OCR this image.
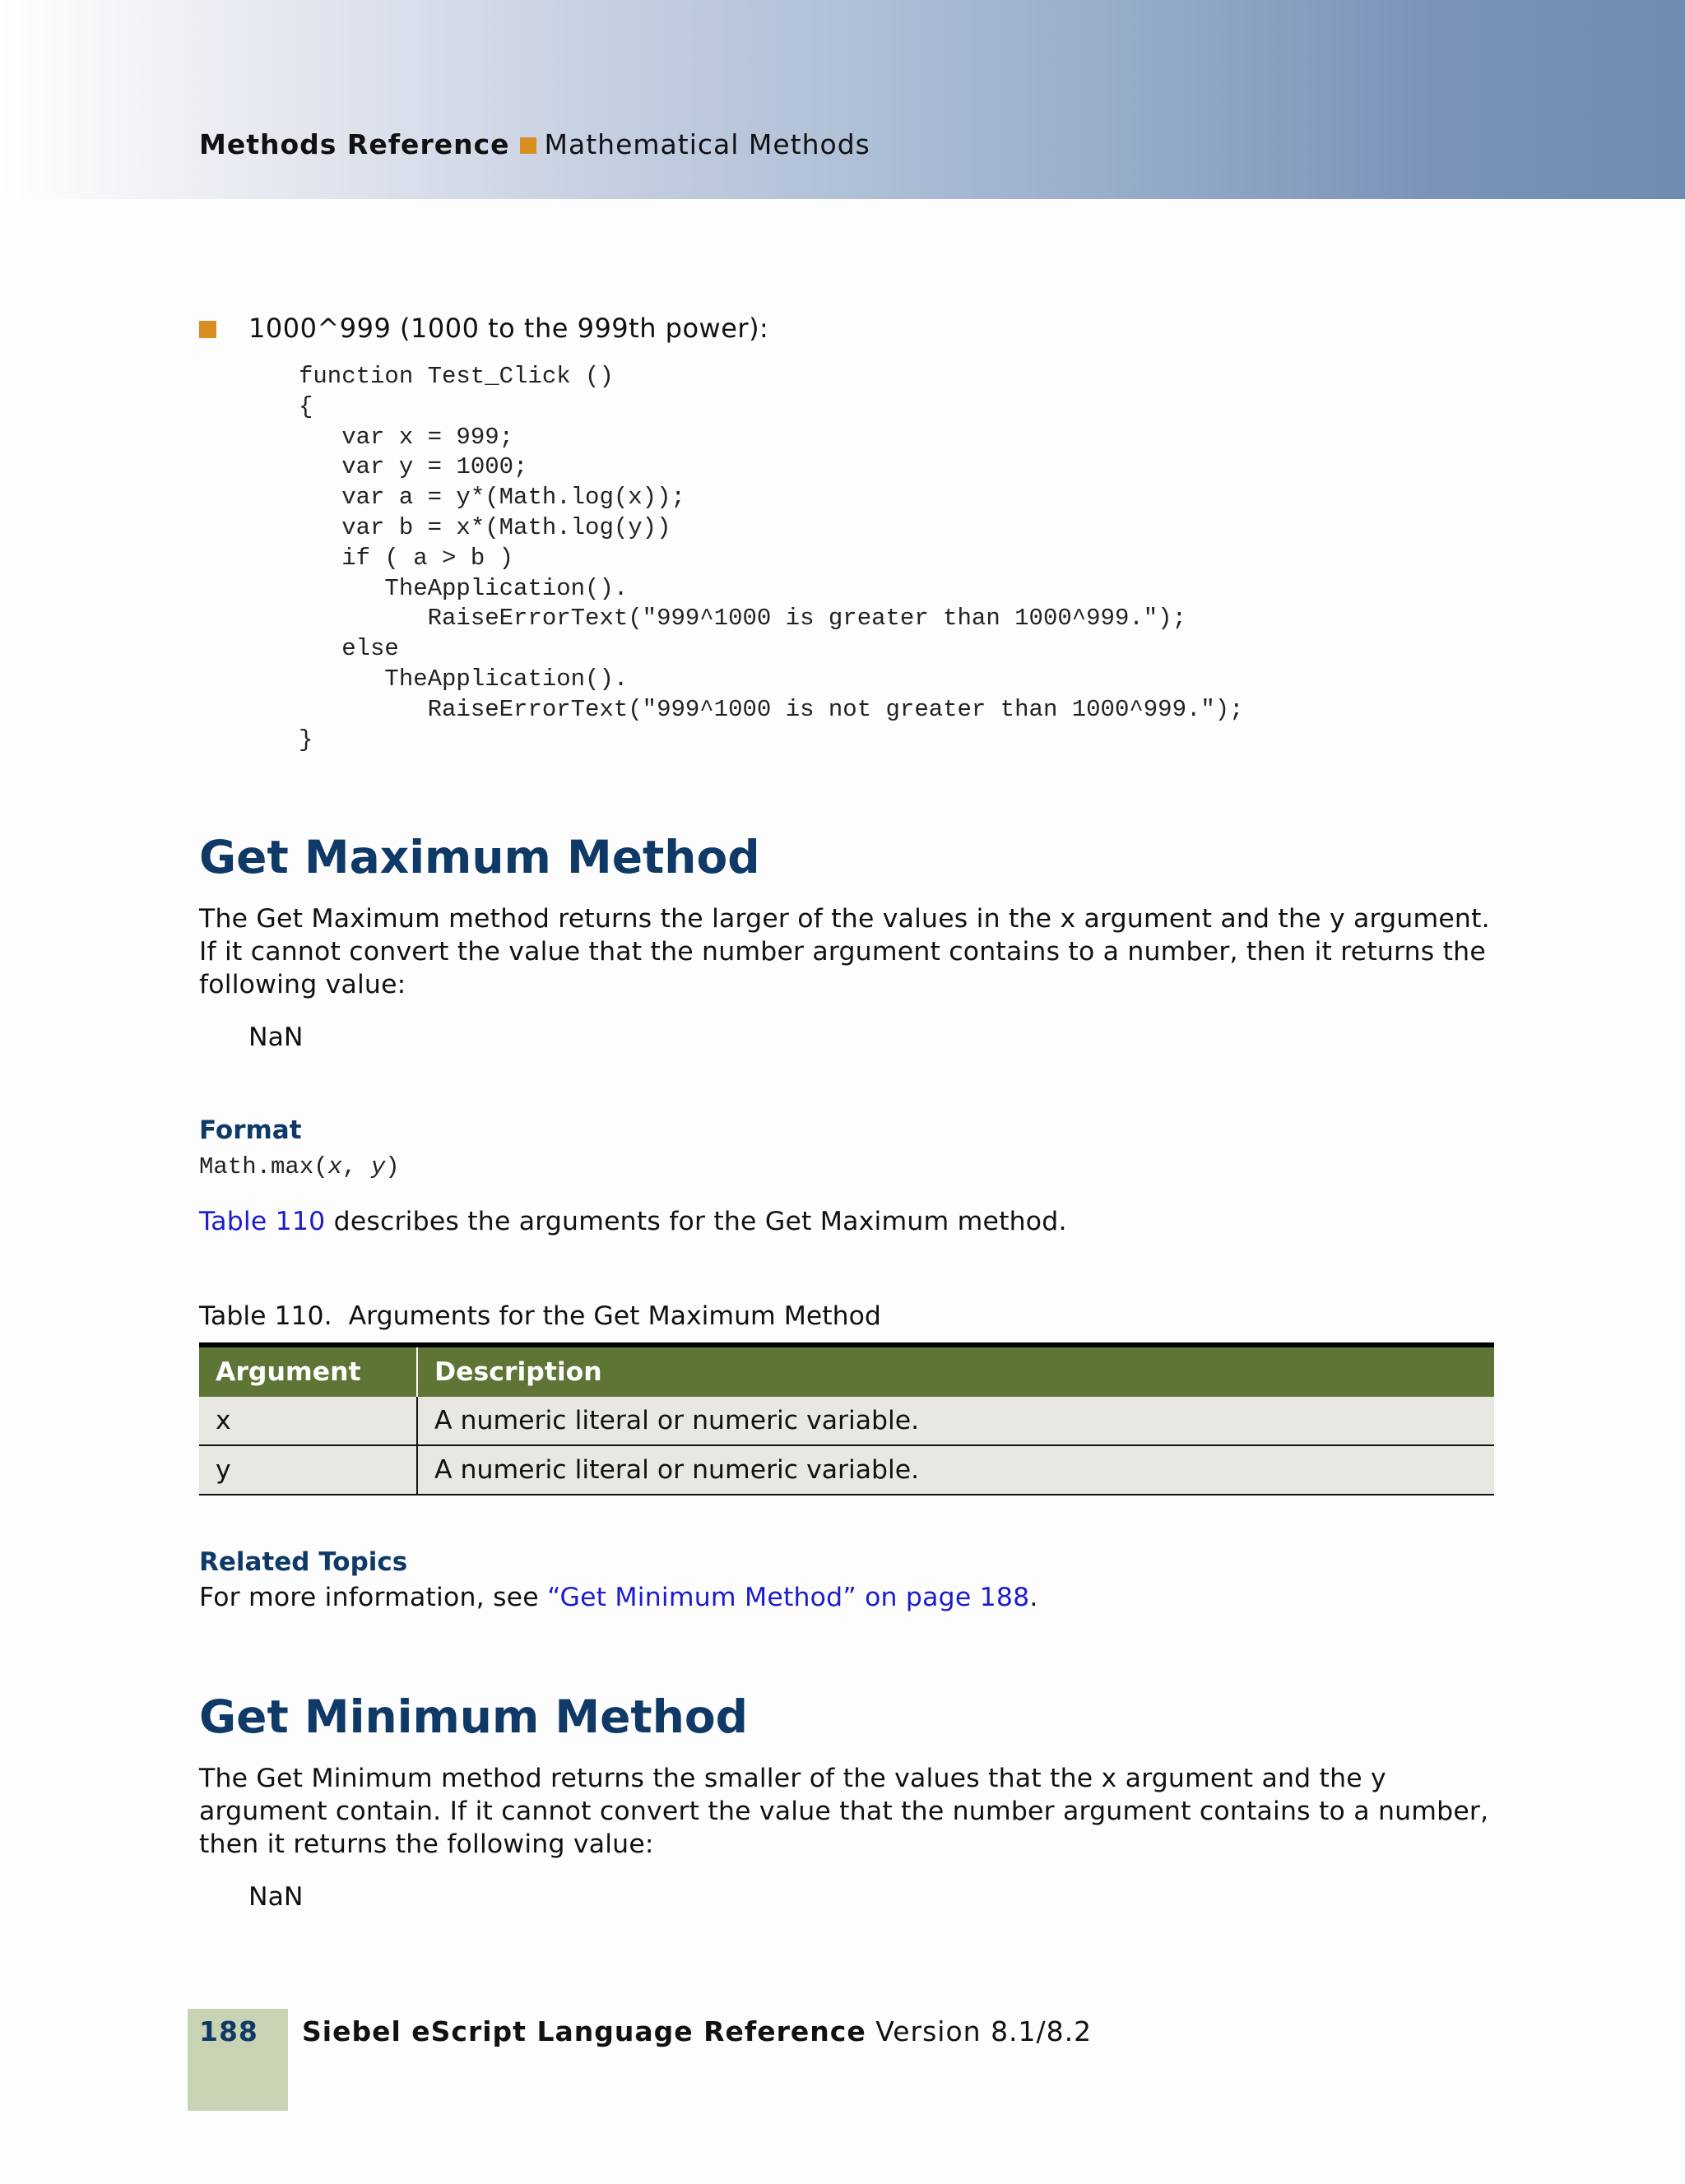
Methods Reference Mathematical Methods
1000^999 (1000 to the 999th power):
function Test_Click ()
{
var x = 999;
var y = 1000;
var a = y*(Math.log(x));
var b = x*(Math.log(y))
if ( a > b )
TheApplication().
RaiseErrorText("999^1000 is greater than 1000^999.");
else
TheApplication().
RaiseErrorText("999^1000 is not greater than 1000^999.");
}
Get Maximum Method

The Get Maximum method returns the larger of the values in the x argument and the y argument. If it cannot convert the value that the number argument contains to a number, then it returns the following value:

NaN
Format
Math.max(x, y)

Table 110 describes the arguments for the Get Maximum method.

Table 110.  Arguments for the Get Maximum Method
Argument	Description
x	A numeric literal or numeric variable.
y	A numeric literal or numeric variable.
Related Topics

For more information, see “Get Minimum Method” on page 188.

Get Minimum Method

The Get Minimum method returns the smaller of the values that the x argument and the y argument contain. If it cannot convert the value that the number argument contains to a number, then it returns the following value:

NaN
188 Siebel eScript Language Reference Version 8.1/8.2
